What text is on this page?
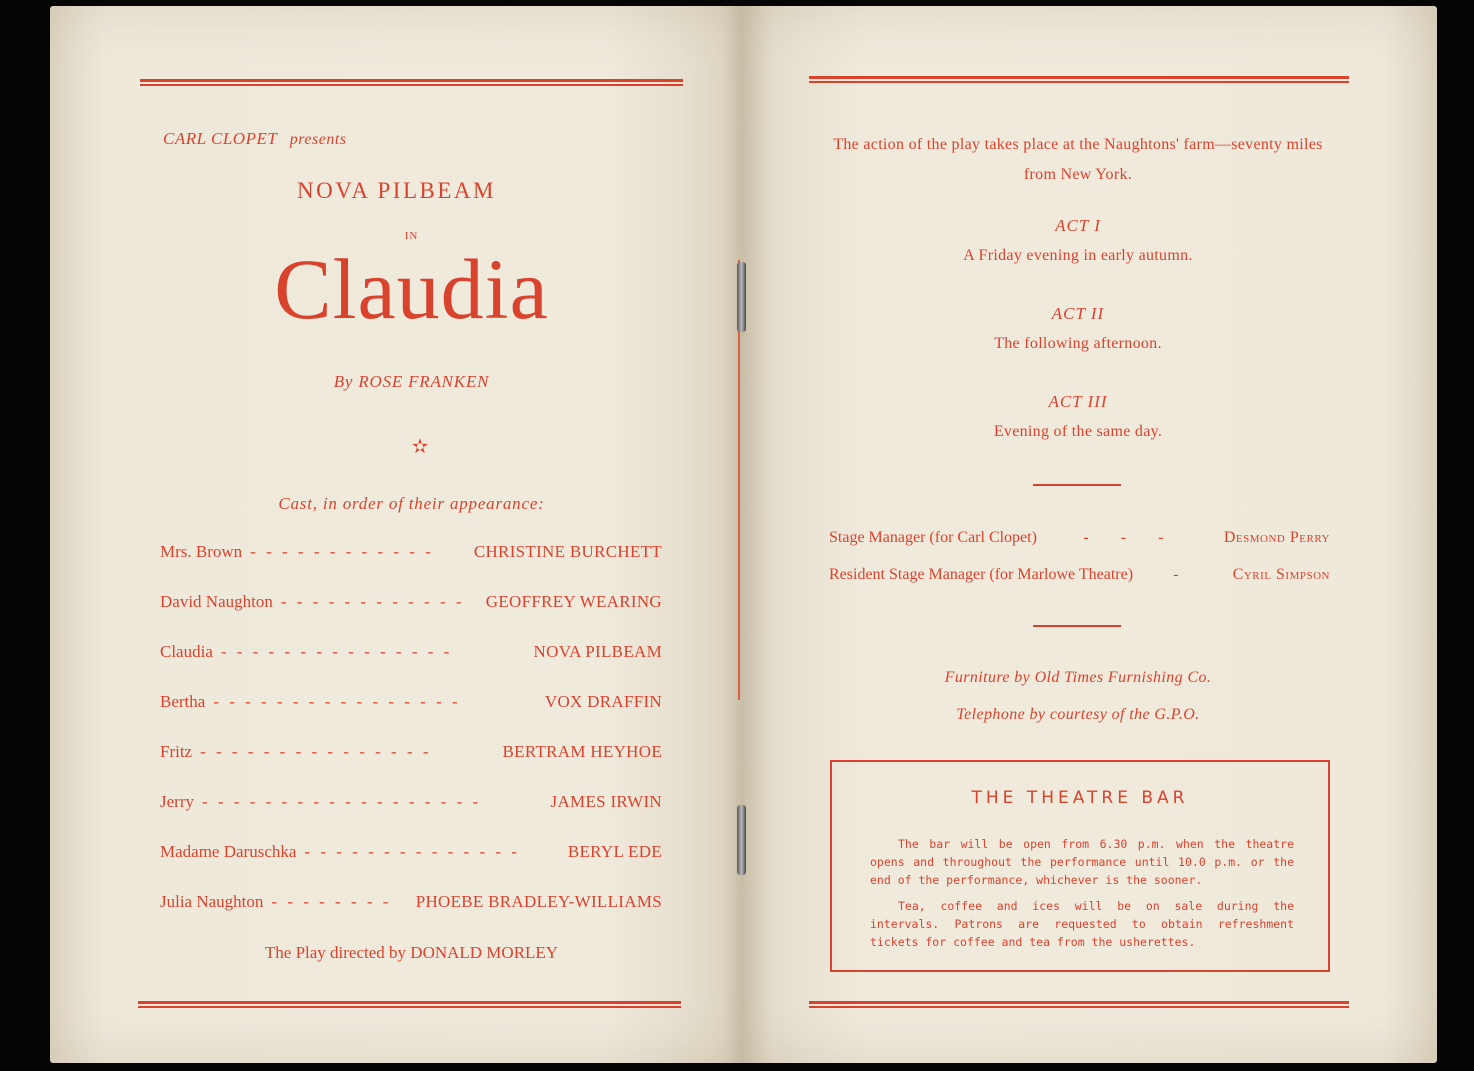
CARL CLOPET presents
NOVA PILBEAM
IN
Claudia
By ROSE FRANKEN
✫
Cast, in order of their appearance:
Mrs. Brown - - - - - - - - - - - -	CHRISTINE BURCHETT
David Naughton - - - - - - - - - - - -	GEOFFREY WEARING
Claudia - - - - - - - - - - - - - - -	NOVA PILBEAM
Bertha - - - - - - - - - - - - - - - -	VOX DRAFFIN
Fritz - - - - - - - - - - - - - - -	BERTRAM HEYHOE
Jerry - - - - - - - - - - - - - - - - - -	JAMES IRWIN
Madame Daruschka - - - - - - - - - - - - - -	BERYL EDE
Julia Naughton - - - - - - - -	PHOEBE BRADLEY-WILLIAMS
The Play directed by DONALD MORLEY
The action of the play takes place at the Naughtons' farm—seventy miles from New York.
ACT I
A Friday evening in early autumn.
ACT II
The following afternoon.
ACT III
Evening of the same day.
Stage Manager (for Carl Clopet)	- - -	Desmond Perry
Resident Stage Manager (for Marlowe Theatre)	-	Cyril Simpson
Furniture by Old Times Furnishing Co.
Telephone by courtesy of the G.P.O.
THE THEATRE BAR
The bar will be open from 6.30 p.m. when the theatre opens and throughout the performance until 10.0 p.m. or the end of the performance, whichever is the sooner.
Tea, coffee and ices will be on sale during the intervals. Patrons are requested to obtain refreshment tickets for coffee and tea from the usherettes.
